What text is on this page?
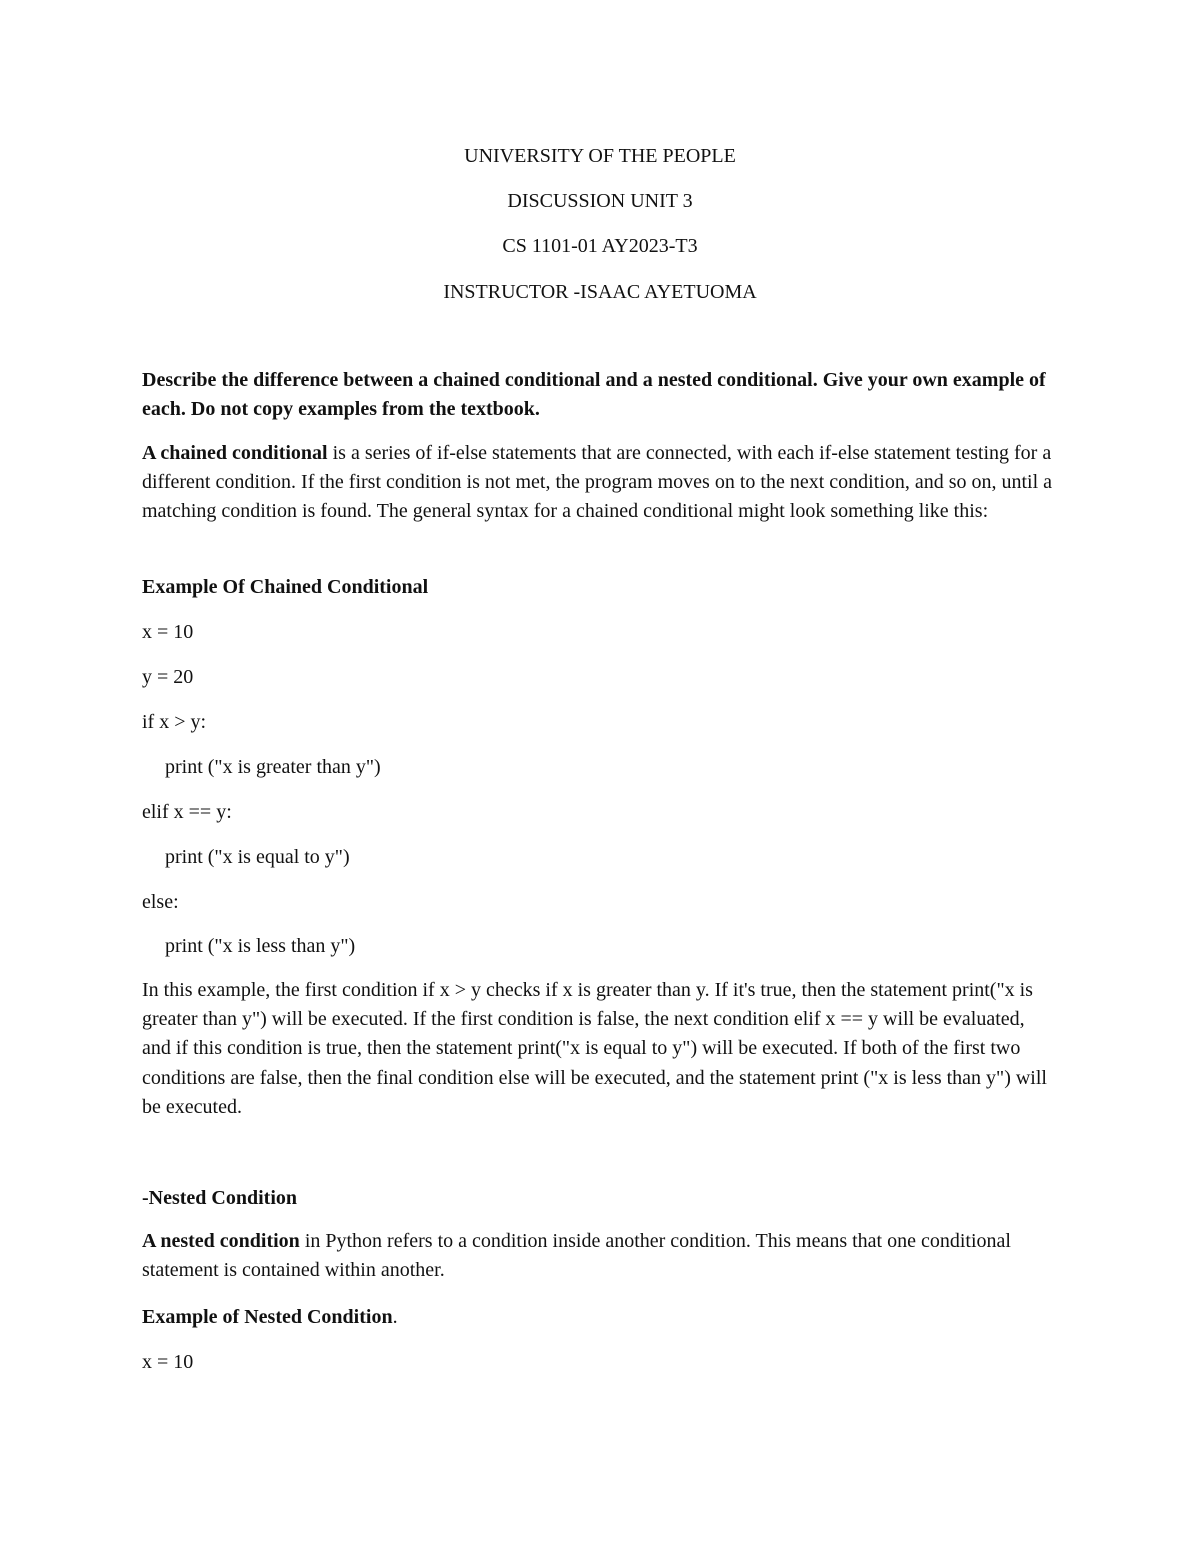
UNIVERSITY OF THE PEOPLE
DISCUSSION UNIT 3
CS 1101-01 AY2023-T3
INSTRUCTOR -ISAAC AYETUOMA
Describe the difference between a chained conditional and a nested conditional. Give your own example of each. Do not copy examples from the textbook.
A chained conditional is a series of if-else statements that are connected, with each if-else statement testing for a different condition. If the first condition is not met, the program moves on to the next condition, and so on, until a matching condition is found. The general syntax for a chained conditional might look something like this:
Example Of Chained Conditional
x = 10
y = 20
if x > y:
print ("x is greater than y")
elif x == y:
print ("x is equal to y")
else:
print ("x is less than y")
In this example, the first condition if x > y checks if x is greater than y. If it's true, then the statement print("x is greater than y") will be executed. If the first condition is false, the next condition elif x == y will be evaluated, and if this condition is true, then the statement print("x is equal to y") will be executed. If both of the first two conditions are false, then the final condition else will be executed, and the statement print ("x is less than y") will be executed.
-Nested Condition
A nested condition in Python refers to a condition inside another condition. This means that one conditional statement is contained within another.
Example of Nested Condition.
x = 10
